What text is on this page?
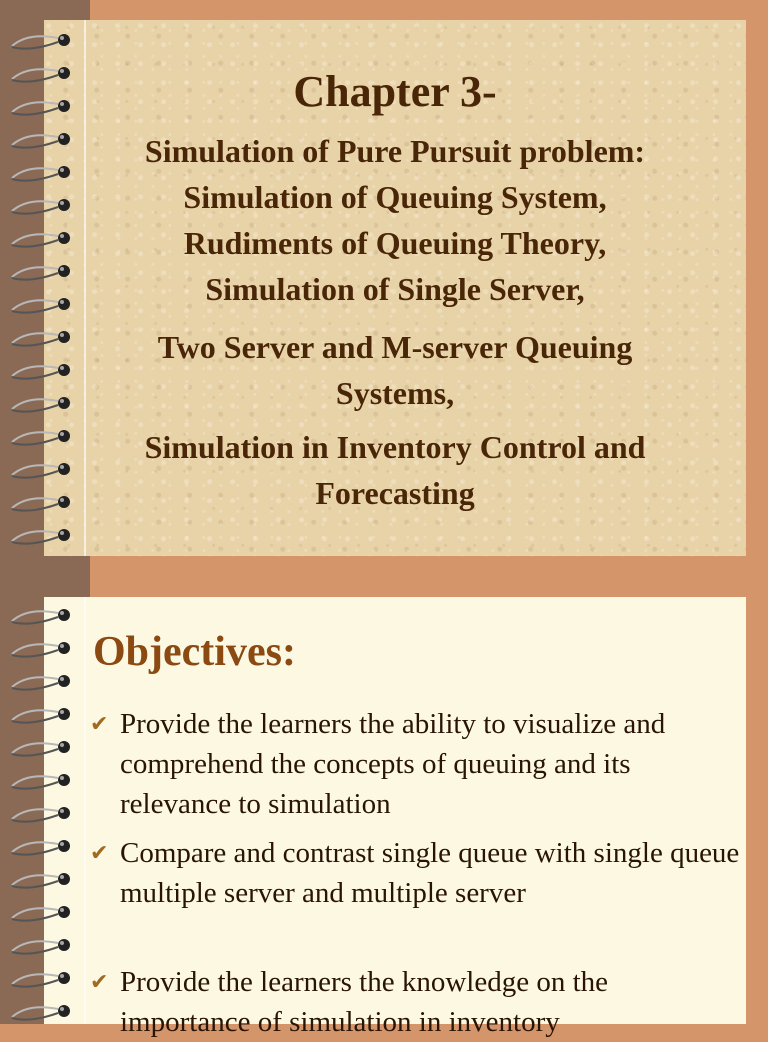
Chapter 3-
Simulation of Pure Pursuit problem:
Simulation of Queuing System,
Rudiments of Queuing Theory,
Simulation of Single Server,
Two Server and M-server Queuing
Systems,
Simulation in Inventory Control and
Forecasting
Objectives:
✔ Provide the learners the ability to visualize and comprehend the concepts of queuing and its relevance to simulation
✔ Compare and contrast single queue with single queue multiple server and multiple server
✔ Provide the learners the knowledge on the importance of simulation in inventory
